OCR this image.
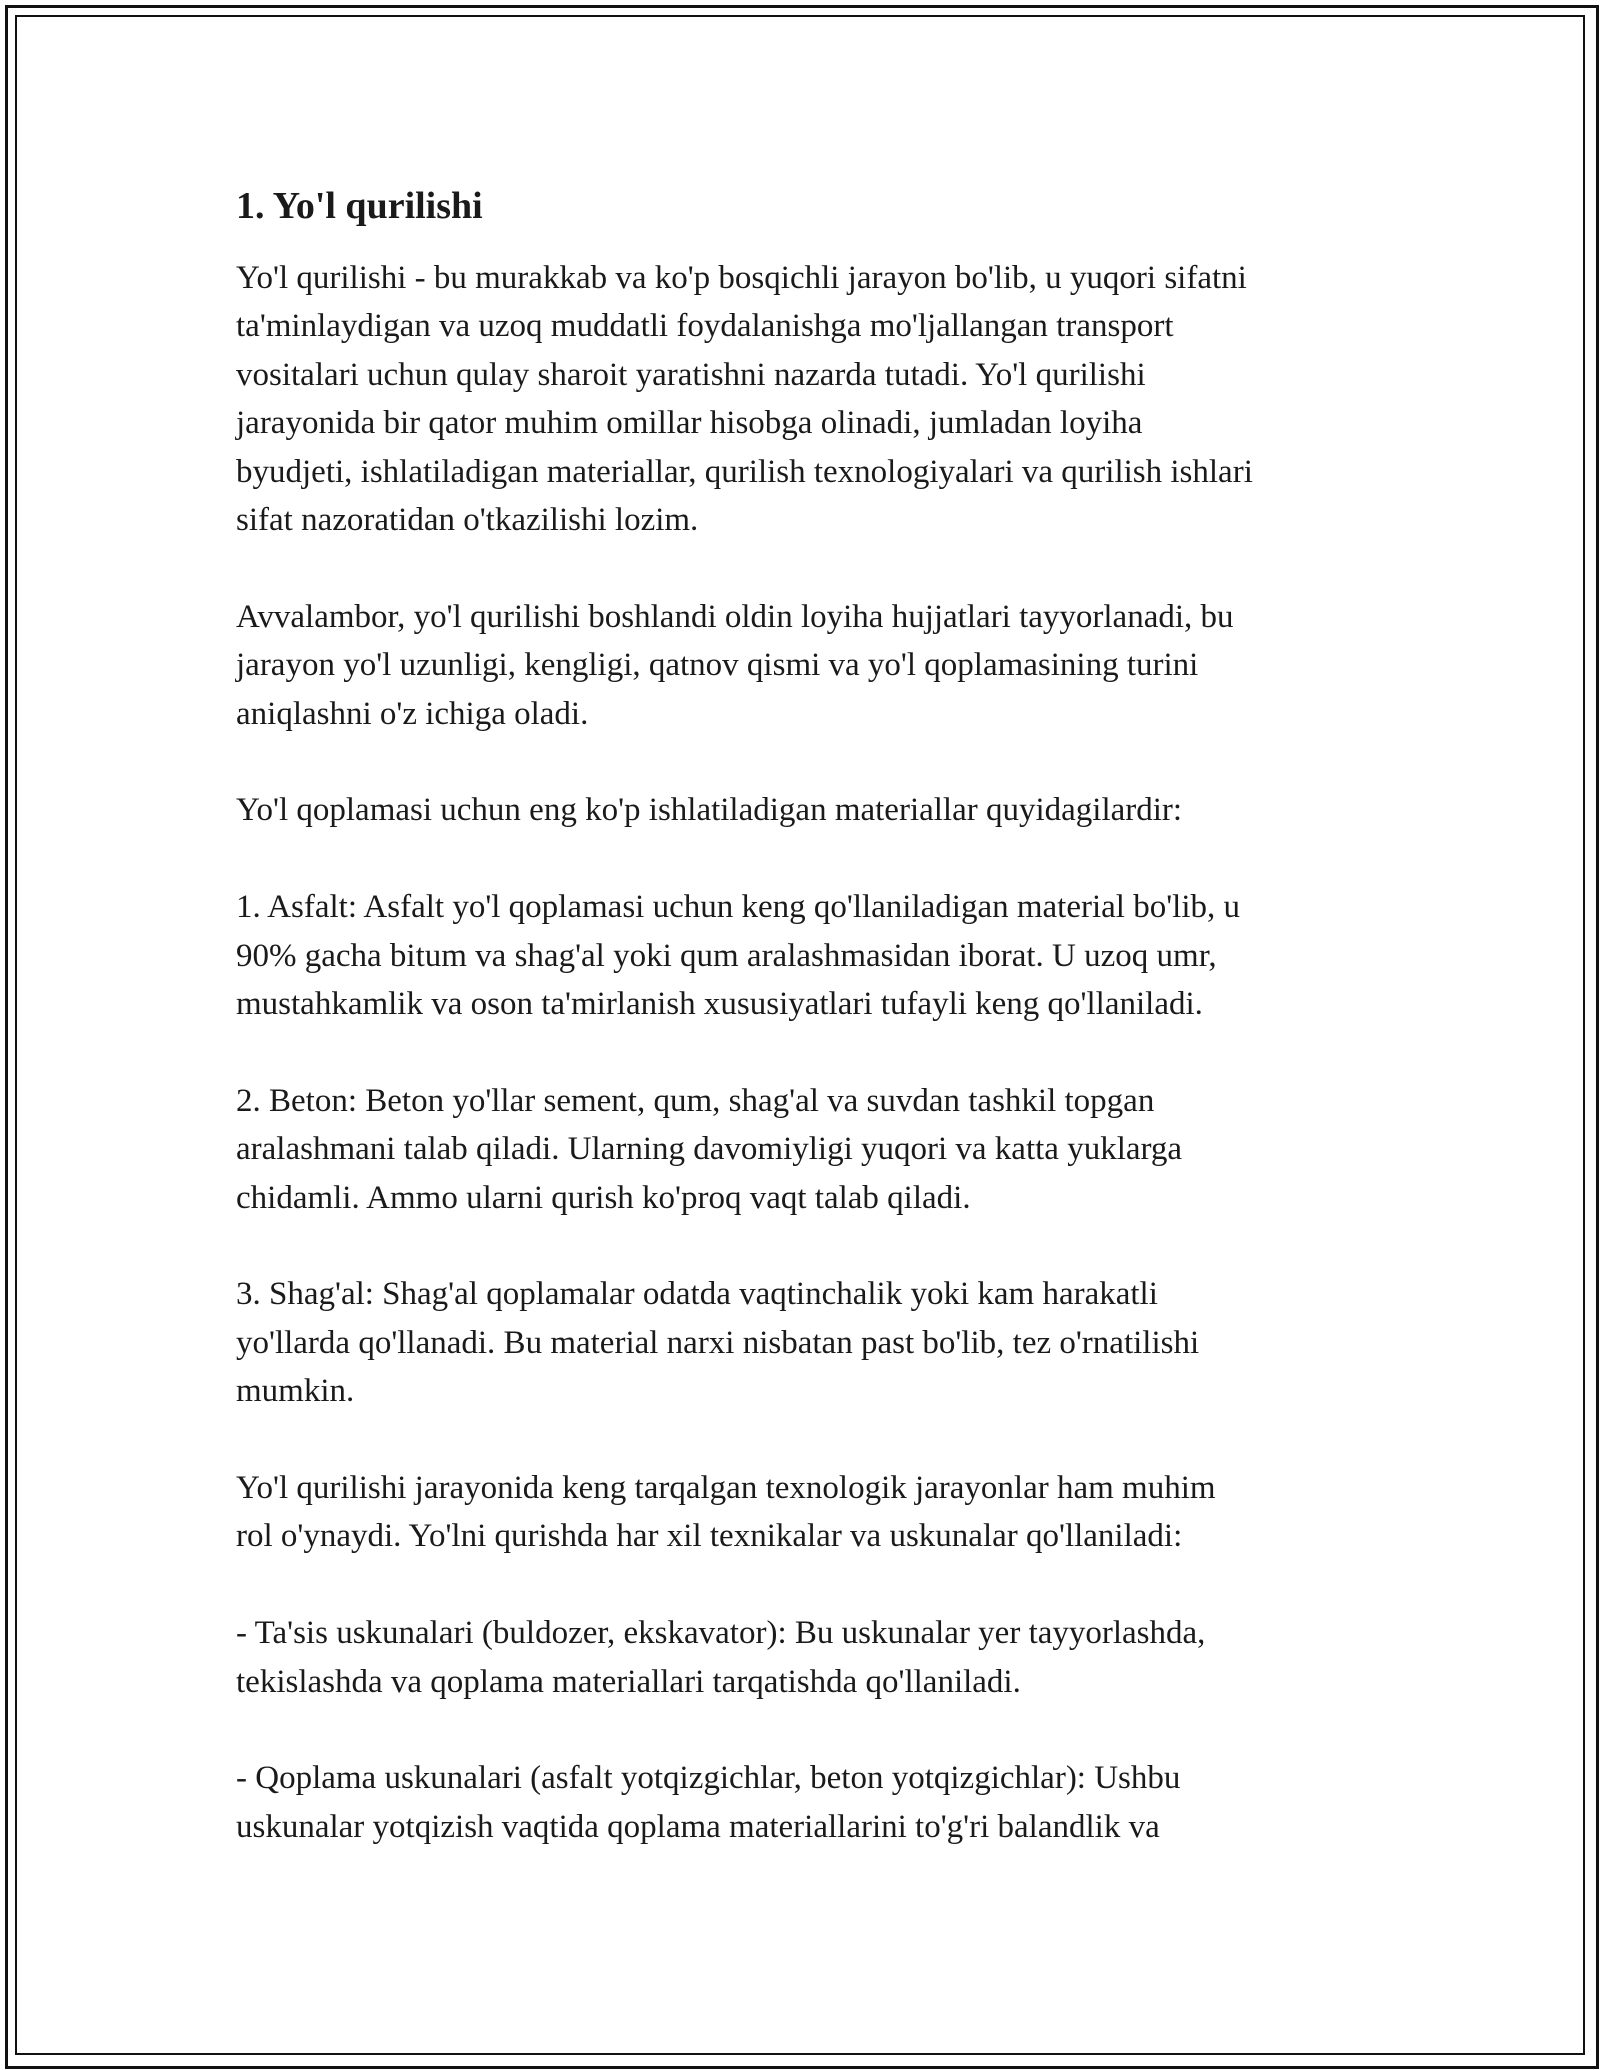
1. Yo'l qurilishi

Yo'l qurilishi - bu murakkab va ko'p bosqichli jarayon bo'lib, u yuqori sifatni
ta'minlaydigan va uzoq muddatli foydalanishga mo'ljallangan transport
vositalari uchun qulay sharoit yaratishni nazarda tutadi. Yo'l qurilishi
jarayonida bir qator muhim omillar hisobga olinadi, jumladan loyiha
byudjeti, ishlatiladigan materiallar, qurilish texnologiyalari va qurilish ishlari
sifat nazoratidan o'tkazilishi lozim.

Avvalambor, yo'l qurilishi boshlandi oldin loyiha hujjatlari tayyorlanadi, bu
jarayon yo'l uzunligi, kengligi, qatnov qismi va yo'l qoplamasining turini
aniqlashni o'z ichiga oladi.

Yo'l qoplamasi uchun eng ko'p ishlatiladigan materiallar quyidagilardir:

1. Asfalt: Asfalt yo'l qoplamasi uchun keng qo'llaniladigan material bo'lib, u
90% gacha bitum va shag'al yoki qum aralashmasidan iborat. U uzoq umr,
mustahkamlik va oson ta'mirlanish xususiyatlari tufayli keng qo'llaniladi.

2. Beton: Beton yo'llar sement, qum, shag'al va suvdan tashkil topgan
aralashmani talab qiladi. Ularning davomiyligi yuqori va katta yuklarga
chidamli. Ammo ularni qurish ko'proq vaqt talab qiladi.

3. Shag'al: Shag'al qoplamalar odatda vaqtinchalik yoki kam harakatli
yo'llarda qo'llanadi. Bu material narxi nisbatan past bo'lib, tez o'rnatilishi
mumkin.

Yo'l qurilishi jarayonida keng tarqalgan texnologik jarayonlar ham muhim
rol o'ynaydi. Yo'lni qurishda har xil texnikalar va uskunalar qo'llaniladi:

- Ta'sis uskunalari (buldozer, ekskavator): Bu uskunalar yer tayyorlashda,
tekislashda va qoplama materiallari tarqatishda qo'llaniladi.

- Qoplama uskunalari (asfalt yotqizgichlar, beton yotqizgichlar): Ushbu
uskunalar yotqizish vaqtida qoplama materiallarini to'g'ri balandlik va
